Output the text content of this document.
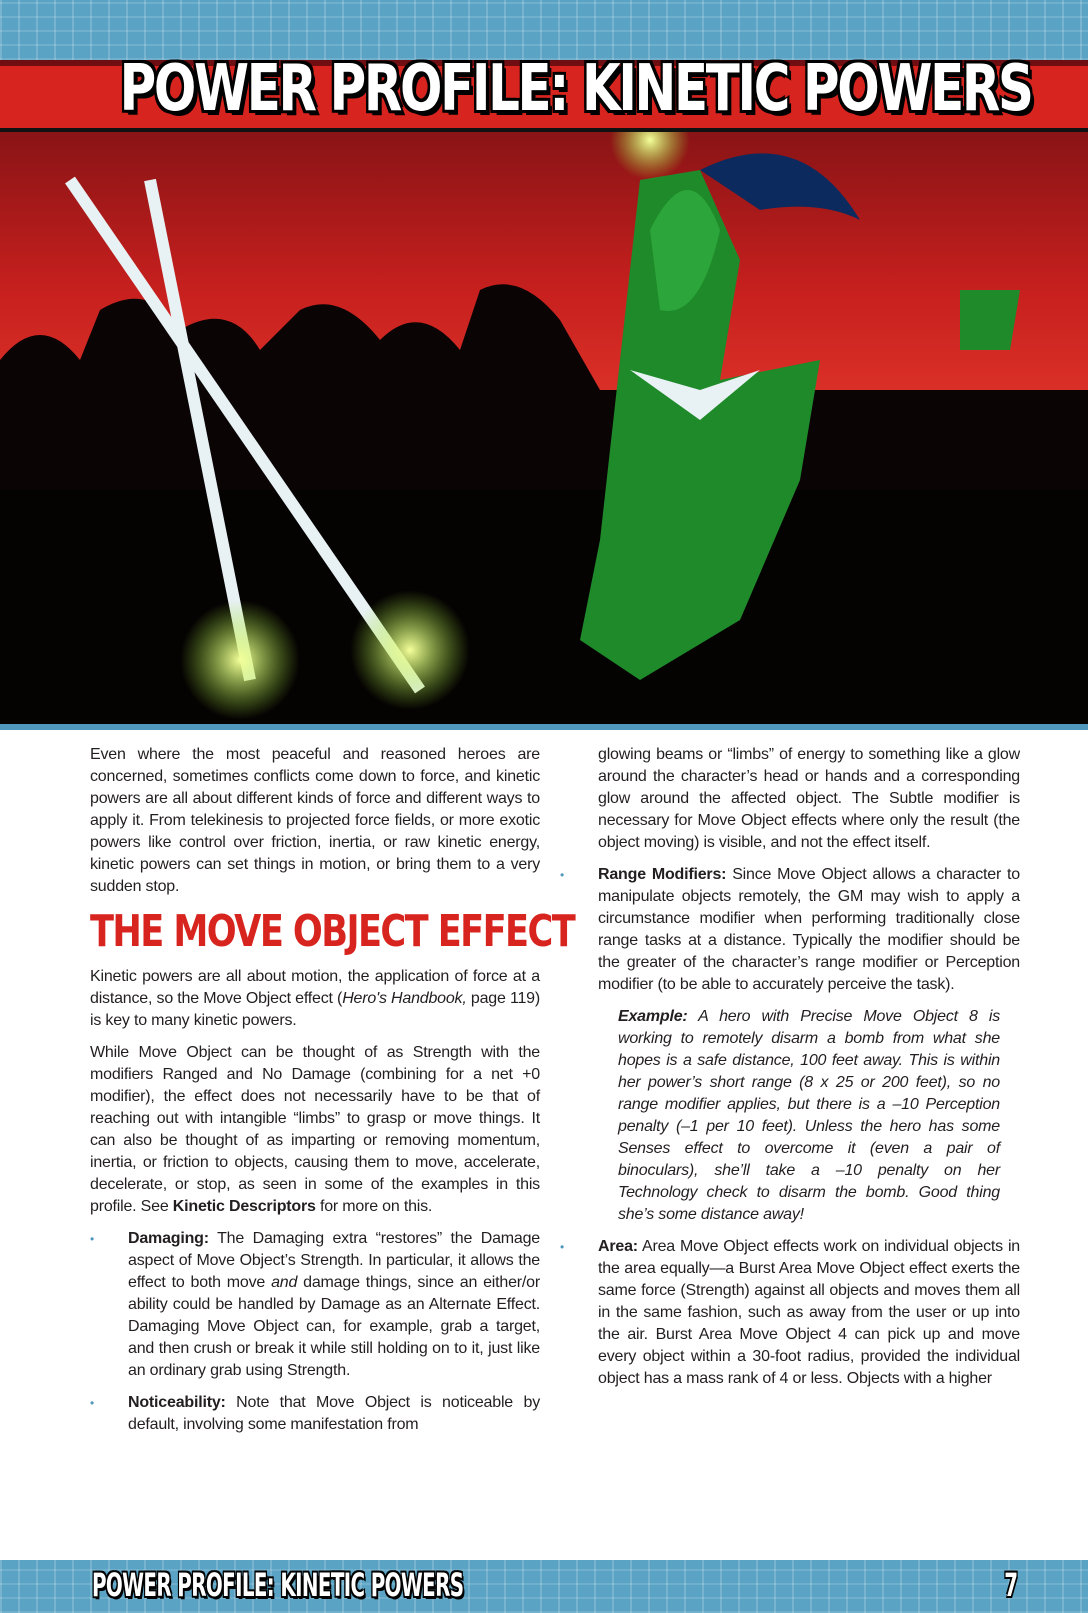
POWER PROFILE: KINETIC POWERS

Even where the most peaceful and reasoned heroes are concerned, sometimes conflicts come down to force, and kinetic powers are all about different kinds of force and different ways to apply it. From telekinesis to projected force fields, or more exotic powers like control over friction, inertia, or raw kinetic energy, kinetic powers can set things in motion, or bring them to a very sudden stop.

THE MOVE OBJECT EFFECT

Kinetic powers are all about motion, the application of force at a distance, so the Move Object effect (Hero's Handbook, page 119) is key to many kinetic powers.

While Move Object can be thought of as Strength with the modifiers Ranged and No Damage (combining for a net +0 modifier), the effect does not necessarily have to be that of reaching out with intangible “limbs” to grasp or move things. It can also be thought of as imparting or removing momentum, inertia, or friction to objects, causing them to move, accelerate, decelerate, or stop, as seen in some of the examples in this profile. See Kinetic Descriptors for more on this.

• Damaging: The Damaging extra “restores” the Damage aspect of Move Object’s Strength. In particular, it allows the effect to both move and damage things, since an either/or ability could be handled by Damage as an Alternate Effect. Damaging Move Object can, for example, grab a target, and then crush or break it while still holding on to it, just like an ordinary grab using Strength.

• Noticeability: Note that Move Object is noticeable by default, involving some manifestation from

glowing beams or “limbs” of energy to something like a glow around the character’s head or hands and a corresponding glow around the affected object. The Subtle modifier is necessary for Move Object effects where only the result (the object moving) is visible, and not the effect itself.

• Range Modifiers: Since Move Object allows a character to manipulate objects remotely, the GM may wish to apply a circumstance modifier when performing traditionally close range tasks at a distance. Typically the modifier should be the greater of the character’s range modifier or Perception modifier (to be able to accurately perceive the task).

Example: A hero with Precise Move Object 8 is working to remotely disarm a bomb from what she hopes is a safe distance, 100 feet away. This is within her power’s short range (8 x 25 or 200 feet), so no range modifier applies, but there is a –10 Perception penalty (–1 per 10 feet). Unless the hero has some Senses effect to overcome it (even a pair of binoculars), she’ll take a –10 penalty on her Technology check to disarm the bomb. Good thing she’s some distance away!

• Area: Area Move Object effects work on individual objects in the area equally—a Burst Area Move Object effect exerts the same force (Strength) against all objects and moves them all in the same fashion, such as away from the user or up into the air. Burst Area Move Object 4 can pick up and move every object within a 30-foot radius, provided the individual object has a mass rank of 4 or less. Objects with a higher

POWER PROFILE: KINETIC POWERS	7
